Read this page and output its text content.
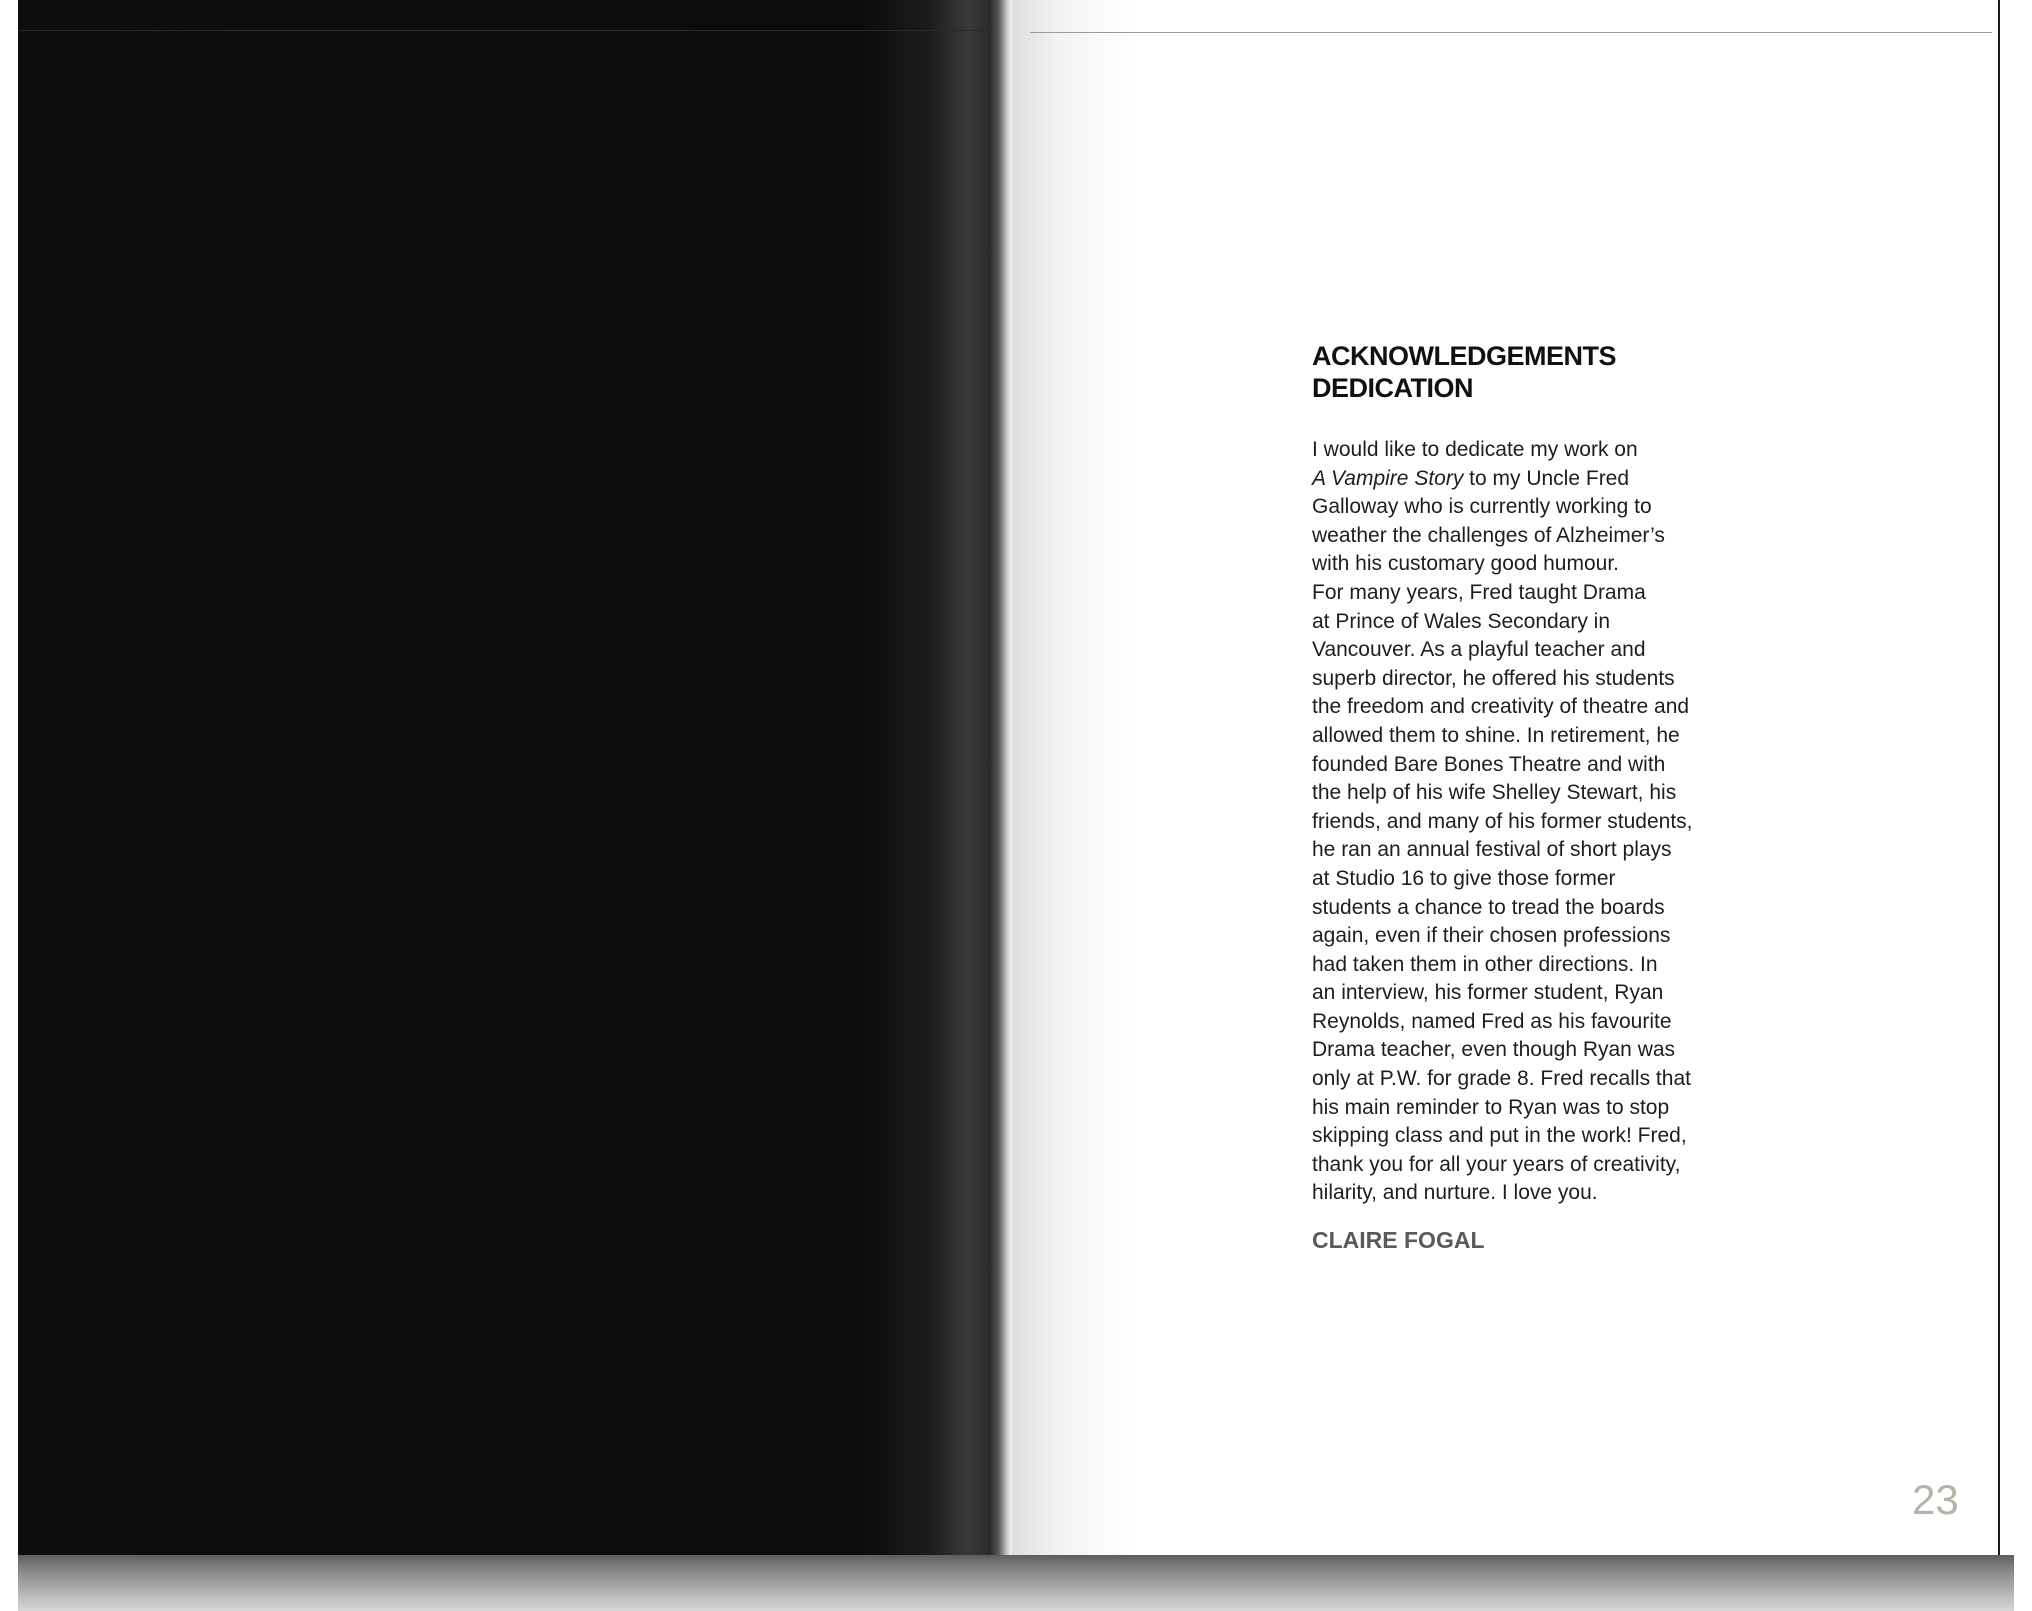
ACKNOWLEDGEMENTS
DEDICATION
I would like to dedicate my work on
A Vampire Story to my Uncle Fred
Galloway who is currently working to
weather the challenges of Alzheimer’s
with his customary good humour.
For many years, Fred taught Drama
at Prince of Wales Secondary in
Vancouver. As a playful teacher and
superb director, he offered his students
the freedom and creativity of theatre and
allowed them to shine. In retirement, he
founded Bare Bones Theatre and with
the help of his wife Shelley Stewart, his
friends, and many of his former students,
he ran an annual festival of short plays
at Studio 16 to give those former
students a chance to tread the boards
again, even if their chosen professions
had taken them in other directions. In
an interview, his former student, Ryan
Reynolds, named Fred as his favourite
Drama teacher, even though Ryan was
only at P.W. for grade 8. Fred recalls that
his main reminder to Ryan was to stop
skipping class and put in the work! Fred,
thank you for all your years of creativity,
hilarity, and nurture. I love you.
CLAIRE FOGAL
23
